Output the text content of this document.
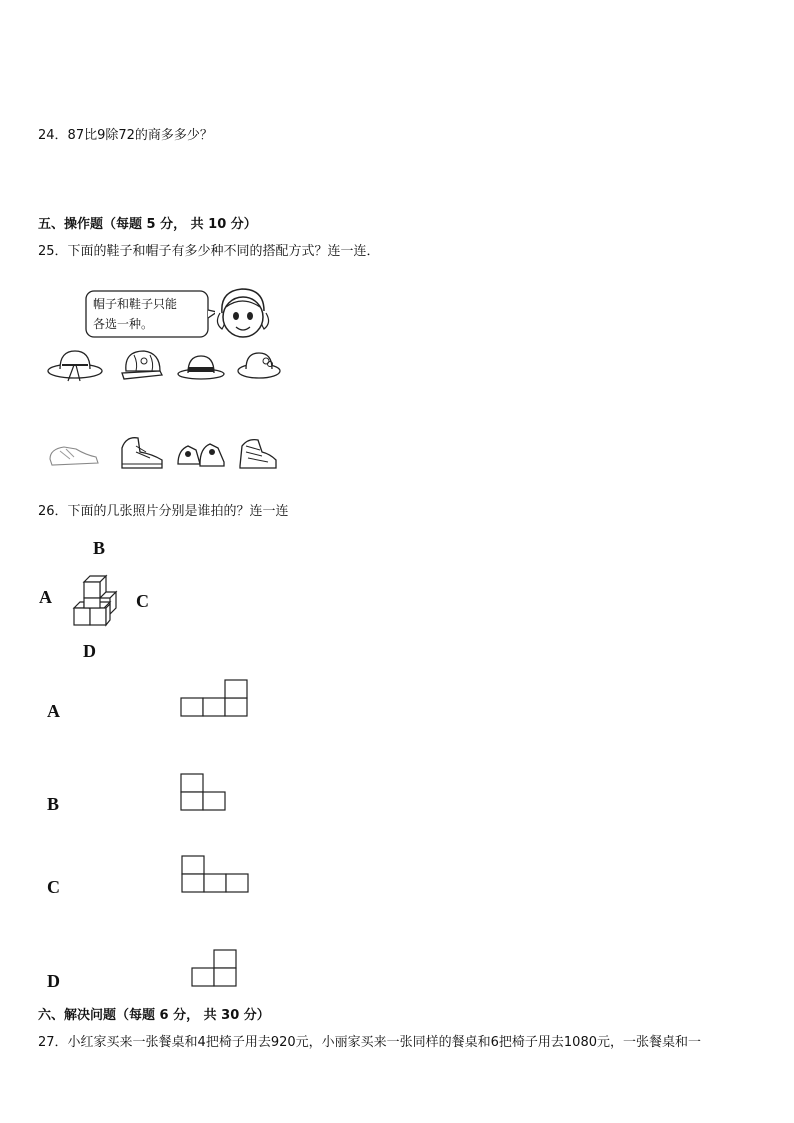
24．87比9除72的商多多少？
五、操作题（每题 5 分， 共 10 分）
25．下面的鞋子和帽子有多少种不同的搭配方式？连一连．
帽子和鞋子只能
各选一种。
26．下面的几张照片分别是谁拍的？连一连
B
A	C
D
A
B
C
D
六、解决问题（每题 6 分， 共 30 分）
27．小红家买来一张餐桌和4把椅子用去920元，小丽家买来一张同样的餐桌和6把椅子用去1080元，一张餐桌和一
